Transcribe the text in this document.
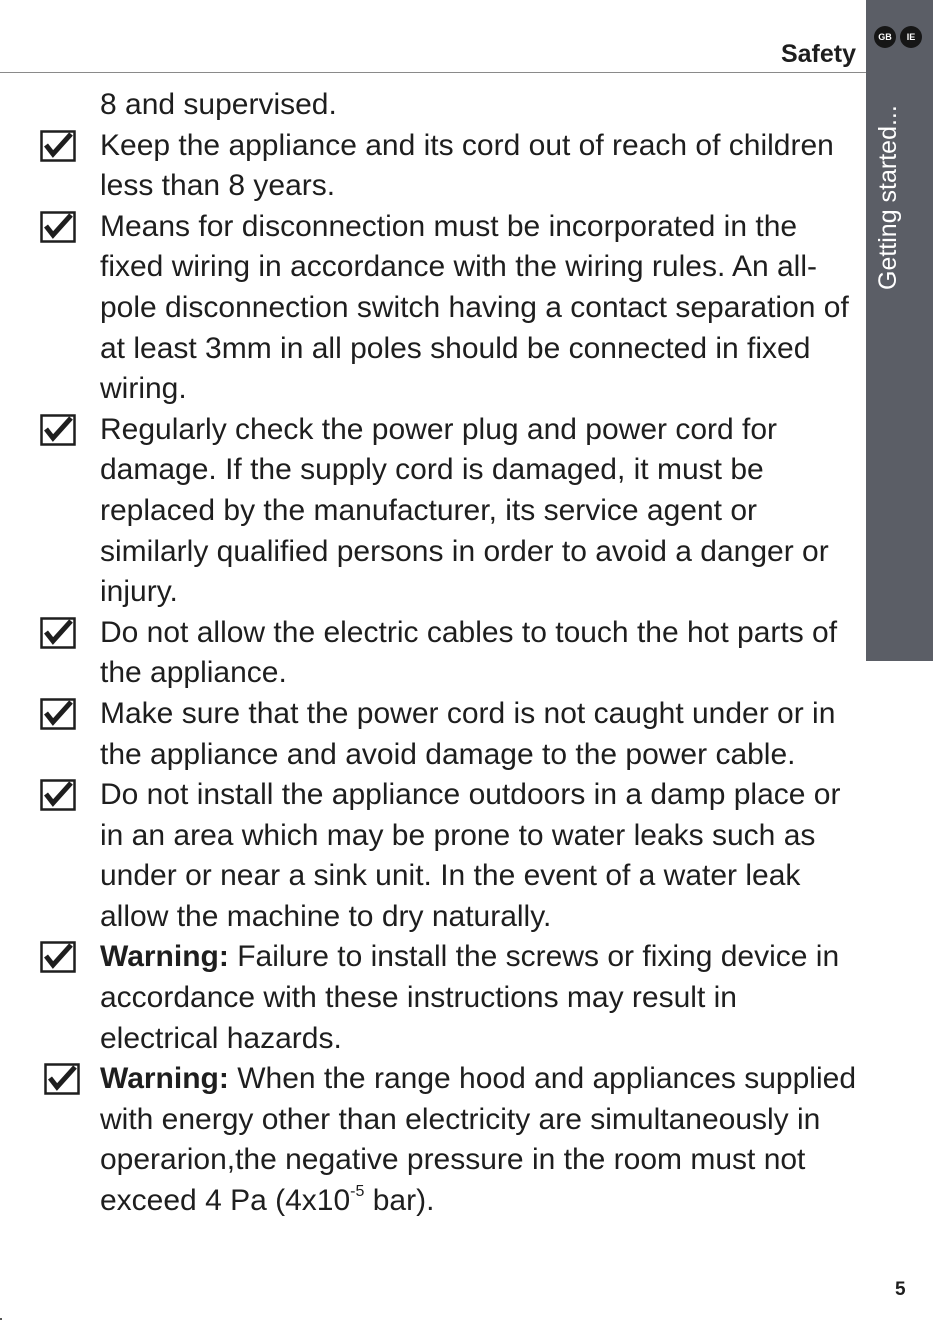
Safety
GB	IE
Getting started...

8 and supervised.

Keep the appliance and its cord out of reach of children less than 8 years.
Means for disconnection must be incorporated in the fixed wiring in accordance with the wiring rules. An all-pole disconnection switch having a contact separation of at least 3mm in all poles should be connected in fixed wiring.
Regularly check the power plug and power cord for damage. If the supply cord is damaged, it must be replaced by the manufacturer, its service agent or similarly qualified persons in order to avoid a danger or injury.
Do not allow the electric cables to touch the hot parts of the appliance.
Make sure that the power cord is not caught under or in the appliance and avoid damage to the power cable.
Do not install the appliance outdoors in a damp place or in an area which may be prone to water leaks such as under or near a sink unit. In the event of a water leak allow the machine to dry naturally.
Warning: Failure to install the screws or fixing device in accordance with these instructions may result in electrical hazards.
Warning: When the range hood and appliances supplied with energy other than electricity are simultaneously in operarion,the negative pressure in the room must not exceed 4 Pa ($4x10^{-5}$ bar).
5
